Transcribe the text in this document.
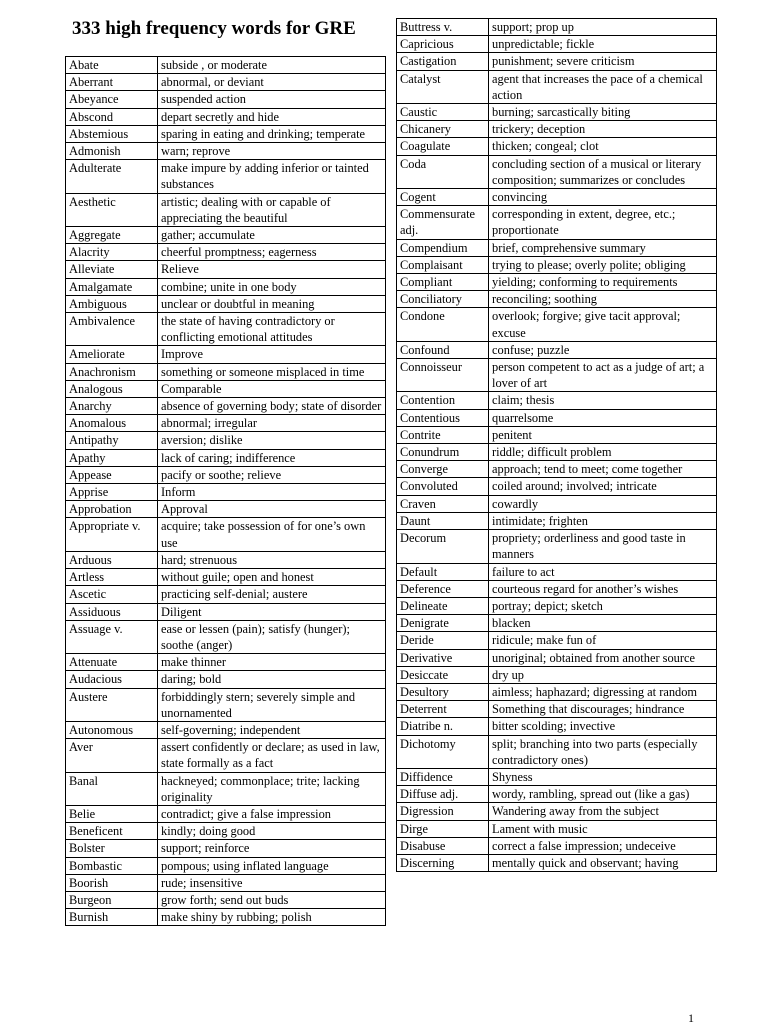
333 high frequency words for GRE
Abate	subside , or moderate
Aberrant	abnormal, or deviant
Abeyance	suspended action
Abscond	depart secretly and hide
Abstemious	sparing in eating and drinking; temperate
Admonish	warn; reprove
Adulterate	make impure by adding inferior or tainted substances
Aesthetic	artistic; dealing with or capable of appreciating the beautiful
Aggregate	gather; accumulate
Alacrity	cheerful promptness; eagerness
Alleviate	Relieve
Amalgamate	combine; unite in one body
Ambiguous	unclear or doubtful in meaning
Ambivalence	the state of having contradictory or conflicting emotional attitudes
Ameliorate	Improve
Anachronism	something or someone misplaced in time
Analogous	Comparable
Anarchy	absence of governing body; state of disorder
Anomalous	abnormal; irregular
Antipathy	aversion; dislike
Apathy	lack of caring; indifference
Appease	pacify or soothe; relieve
Apprise	Inform
Approbation	Approval
Appropriate v.	acquire; take possession of for one’s own use
Arduous	hard; strenuous
Artless	without guile; open and honest
Ascetic	practicing self-denial; austere
Assiduous	Diligent
Assuage v.	ease or lessen (pain); satisfy (hunger); soothe (anger)
Attenuate	make thinner
Audacious	daring; bold
Austere	forbiddingly stern; severely simple and unornamented
Autonomous	self-governing; independent
Aver	assert confidently or declare; as used in law, state formally as a fact
Banal	hackneyed; commonplace; trite; lacking originality
Belie	contradict; give a false impression
Beneficent	kindly; doing good
Bolster	support; reinforce
Bombastic	pompous; using inflated language
Boorish	rude; insensitive
Burgeon	grow forth; send out buds
Burnish	make shiny by rubbing; polish
Buttress v.	support; prop up
Capricious	unpredictable; fickle
Castigation	punishment; severe criticism
Catalyst	agent that increases the pace of a chemical action
Caustic	burning; sarcastically biting
Chicanery	trickery; deception
Coagulate	thicken; congeal; clot
Coda	concluding section of a musical or literary composition; summarizes or concludes
Cogent	convincing
Commensurate adj.	corresponding in extent, degree, etc.; proportionate
Compendium	brief, comprehensive summary
Complaisant	trying to please; overly polite; obliging
Compliant	yielding; conforming to requirements
Conciliatory	reconciling; soothing
Condone	overlook; forgive; give tacit approval; excuse
Confound	confuse; puzzle
Connoisseur	person competent to act as a judge of art; a lover of art
Contention	claim; thesis
Contentious	quarrelsome
Contrite	penitent
Conundrum	riddle; difficult problem
Converge	approach; tend to meet; come together
Convoluted	coiled around; involved; intricate
Craven	cowardly
Daunt	intimidate; frighten
Decorum	propriety; orderliness and good taste in manners
Default	failure to act
Deference	courteous regard for another’s wishes
Delineate	portray; depict; sketch
Denigrate	blacken
Deride	ridicule; make fun of
Derivative	unoriginal; obtained from another source
Desiccate	dry up
Desultory	aimless; haphazard; digressing at random
Deterrent	Something that discourages; hindrance
Diatribe n.	bitter scolding; invective
Dichotomy	split; branching into two parts (especially contradictory ones)
Diffidence	Shyness
Diffuse adj.	wordy, rambling, spread out (like a gas)
Digression	Wandering away from the subject
Dirge	Lament with music
Disabuse	correct a false impression; undeceive
Discerning	mentally quick and observant; having
1
